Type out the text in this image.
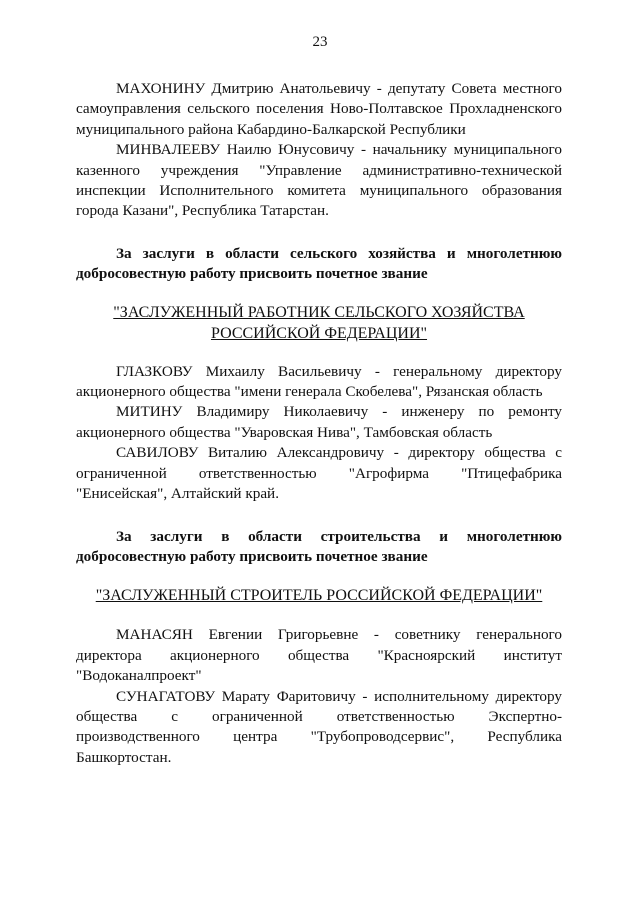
23

МАХОНИНУ Дмитрию Анатольевичу - депутату Совета местного самоуправления сельского поселения Ново-Полтавское Прохладненского муниципального района Кабардино-Балкарской Республики

МИНВАЛЕЕВУ Наилю Юнусовичу - начальнику муниципального казенного учреждения "Управление административно-технической инспекции Исполнительного комитета муниципального образования города Казани", Республика Татарстан.

За заслуги в области сельского хозяйства и многолетнюю добросовестную работу присвоить почетное звание

"ЗАСЛУЖЕННЫЙ РАБОТНИК СЕЛЬСКОГО ХОЗЯЙСТВА
РОССИЙСКОЙ ФЕДЕРАЦИИ"

ГЛАЗКОВУ Михаилу Васильевичу - генеральному директору акционерного общества "имени генерала Скобелева", Рязанская область

МИТИНУ Владимиру Николаевичу - инженеру по ремонту акционерного общества "Уваровская Нива", Тамбовская область

САВИЛОВУ Виталию Александровичу - директору общества с ограниченной ответственностью "Агрофирма "Птицефабрика "Енисейская", Алтайский край.

За заслуги в области строительства и многолетнюю добросовестную работу присвоить почетное звание

"ЗАСЛУЖЕННЫЙ СТРОИТЕЛЬ РОССИЙСКОЙ ФЕДЕРАЦИИ"

МАНАСЯН Евгении Григорьевне - советнику генерального директора акционерного общества "Красноярский институт "Водоканалпроект"

СУНАГАТОВУ Марату Фаритовичу - исполнительному директору общества с ограниченной ответственностью Экспертно-производственного центра "Трубопроводсервис", Республика Башкортостан.
